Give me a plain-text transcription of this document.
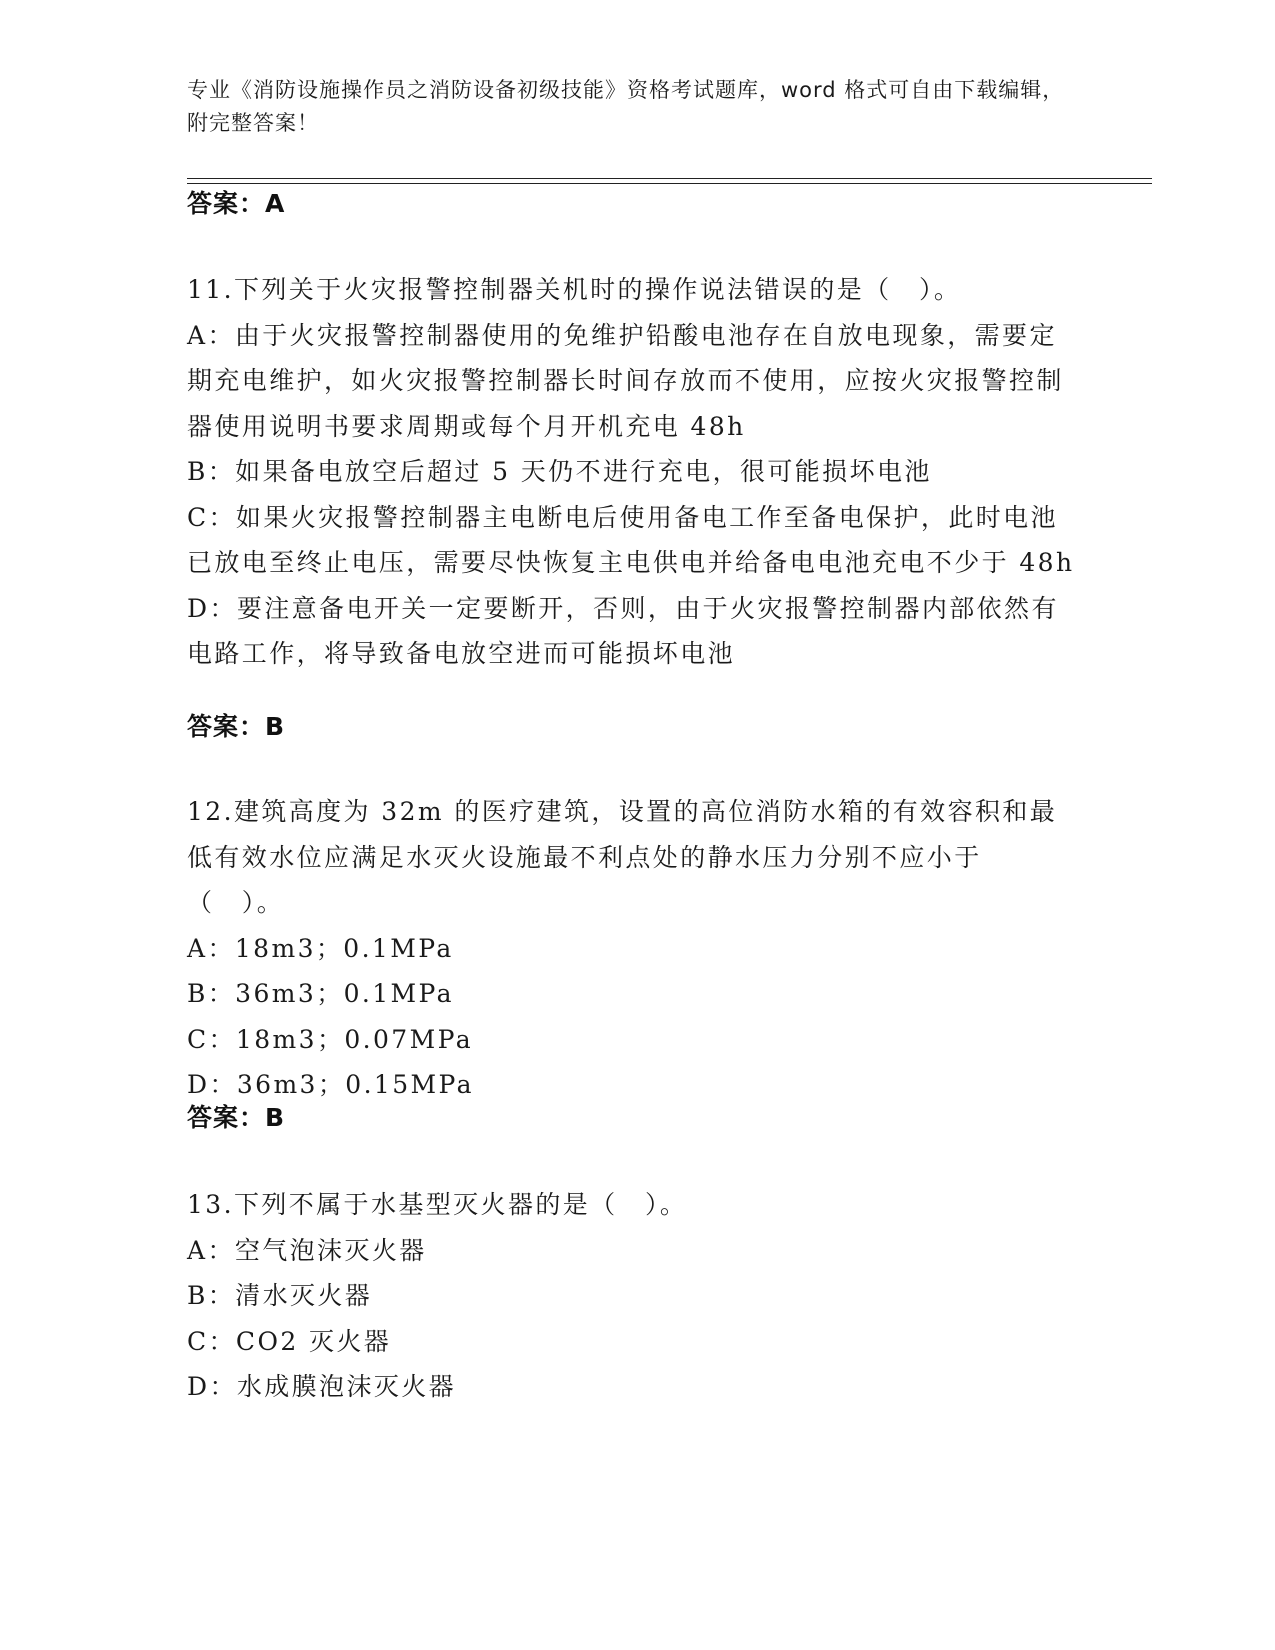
专业《消防设施操作员之消防设备初级技能》资格考试题库，word 格式可自由下载编辑，附完整答案！
答案：A

11.下列关于火灾报警控制器关机时的操作说法错误的是（　）。

A：由于火灾报警控制器使用的免维护铅酸电池存在自放电现象，需要定期充电维护，如火灾报警控制器长时间存放而不使用，应按火灾报警控制器使用说明书要求周期或每个月开机充电 48h

B：如果备电放空后超过 5 天仍不进行充电，很可能损坏电池

C：如果火灾报警控制器主电断电后使用备电工作至备电保护，此时电池已放电至终止电压，需要尽快恢复主电供电并给备电电池充电不少于 48h

D：要注意备电开关一定要断开，否则，由于火灾报警控制器内部依然有电路工作，将导致备电放空进而可能损坏电池

答案：B

12.建筑高度为 32m 的医疗建筑，设置的高位消防水箱的有效容积和最低有效水位应满足水灭火设施最不利点处的静水压力分别不应小于（　）。

A：18m3；0.1MPa

B：36m3；0.1MPa

C：18m3；0.07MPa

D：36m3；0.15MPa

答案：B

13.下列不属于水基型灭火器的是（　）。

A：空气泡沫灭火器

B：清水灭火器

C：CO2 灭火器

D：水成膜泡沫灭火器
